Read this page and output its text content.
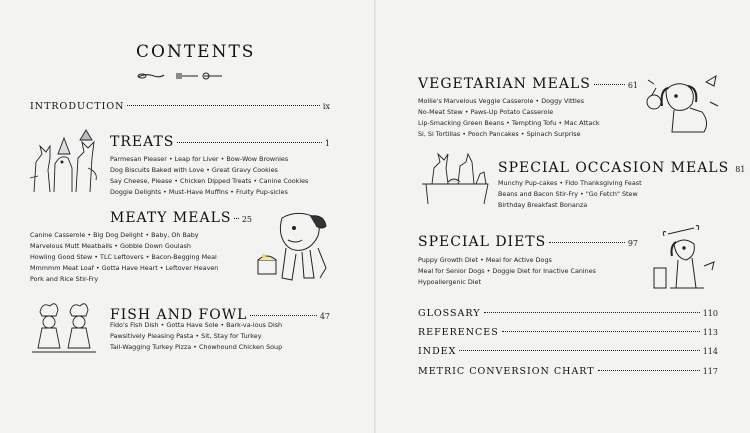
CONTENTS
INTRODUCTION	ix
TREATS	1
Parmesan Pleaser • Leap for Liver • Bow-Wow Brownies
Dog Biscuits Baked with Love • Great Gravy Cookies
Say Cheese, Please • Chicken Dipped Treats • Canine Cookies
Doggie Delights • Must-Have Muffins • Fruity Pup-sicles
MEATY MEALS 25
Canine Casserole • Big Dog Delight • Baby, Oh Baby
Marvelous Mutt Meatballs • Gobble Down Goulash
Howling Good Stew • TLC Leftovers • Bacon-Begging Meal
Mmmmm Meat Loaf • Gotta Have Heart • Leftover Heaven
Pork and Rice Stir-Fry
FISH AND FOWL	47
Fido's Fish Dish • Gotta Have Sole • Bark-va-lous Dish
Pawsitively Pleasing Pasta • Sit, Stay for Turkey
Tail-Wagging Turkey Pizza • Chowhound Chicken Soup
VEGETARIAN MEALS	61
Mollie's Marvelous Veggie Casserole • Doggy Vittles
No-Meat Stew • Paws-Up Potato Casserole
Lip-Smacking Green Beans • Tempting Tofu • Mac Attack
Si, Si Tortillas • Pooch Pancakes • Spinach Surprise
SPECIAL OCCASION MEALS 81
Munchy Pup-cakes • Fido Thanksgiving Feast
Beans and Bacon Stir-Fry • "Go Fetch" Stew
Birthday Breakfast Bonanza
SPECIAL DIETS	97
Puppy Growth Diet • Meal for Active Dogs
Meal for Senior Dogs • Doggie Diet for Inactive Canines
Hypoallergenic Diet
GLOSSARY	110
REFERENCES	113
INDEX	114
METRIC CONVERSION CHART	117
